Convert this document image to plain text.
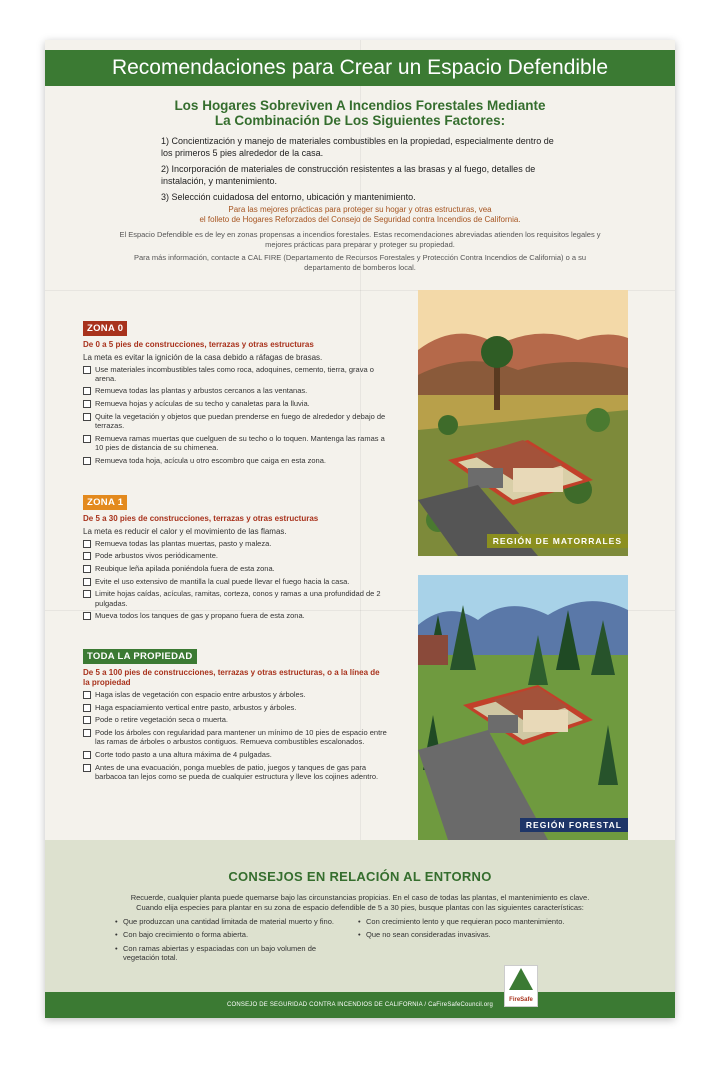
Recomendaciones para Crear un Espacio Defendible
Los Hogares Sobreviven A Incendios Forestales Mediante
La Combinación De Los Siguientes Factores:
1) Concientización y manejo de materiales combustibles en la propiedad, especialmente dentro de los primeros 5 pies alrededor de la casa.
2) Incorporación de materiales de construcción resistentes a las brasas y al fuego, detalles de instalación, y mantenimiento.
3) Selección cuidadosa del entorno, ubicación y mantenimiento.
Para las mejores prácticas para proteger su hogar y otras estructuras, vea
el folleto de Hogares Reforzados del Consejo de Seguridad contra Incendios de California.

El Espacio Defendible es de ley en zonas propensas a incendios forestales. Estas recomendaciones abreviadas atienden los requisitos legales y mejores prácticas para preparar y proteger su propiedad.

Para más información, contacte a CAL FIRE (Departamento de Recursos Forestales y Protección Contra Incendios de California) o a su departamento de bomberos local.

ZONA 0
De 0 a 5 pies de construcciones, terrazas y otras estructuras
La meta es evitar la ignición de la casa debido a ráfagas de brasas.
Use materiales incombustibles tales como roca, adoquines, cemento, tierra, grava o arena.
Remueva todas las plantas y arbustos cercanos a las ventanas.
Remueva hojas y acículas de su techo y canaletas para la lluvia.
Quite la vegetación y objetos que puedan prenderse en fuego de alrededor y debajo de terrazas.
Remueva ramas muertas que cuelguen de su techo o lo toquen. Mantenga las ramas a 10 pies de distancia de su chimenea.
Remueva toda hoja, acícula u otro escombro que caiga en esta zona.
ZONA 1
De 5 a 30 pies de construcciones, terrazas y otras estructuras
La meta es reducir el calor y el movimiento de las flamas.
Remueva todas las plantas muertas, pasto y maleza.
Pode arbustos vivos periódicamente.
Reubique leña apilada poniéndola fuera de esta zona.
Evite el uso extensivo de mantilla la cual puede llevar el fuego hacia la casa.
Limite hojas caídas, acículas, ramitas, corteza, conos y ramas a una profundidad de 2 pulgadas.
Mueva todos los tanques de gas y propano fuera de esta zona.
TODA LA PROPIEDAD
De 5 a 100 pies de construcciones, terrazas y otras estructuras, o a la línea de la propiedad
Haga islas de vegetación con espacio entre arbustos y árboles.
Haga espaciamiento vertical entre pasto, arbustos y árboles.
Pode o retire vegetación seca o muerta.
Pode los árboles con regularidad para mantener un mínimo de 10 pies de espacio entre las ramas de árboles o arbustos contiguos. Remueva combustibles escalonados.
Corte todo pasto a una altura máxima de 4 pulgadas.
Antes de una evacuación, ponga muebles de patio, juegos y tanques de gas para barbacoa tan lejos como se pueda de cualquier estructura y lleve los cojines adentro.
REGIÓN DE MATORRALES
REGIÓN FORESTAL
CONSEJOS EN RELACIÓN AL ENTORNO
Recuerde, cualquier planta puede quemarse bajo las circunstancias propicias. En el caso de todas las plantas, el mantenimiento es clave.
Cuando elija especies para plantar en su zona de espacio defendible de 5 a 30 pies, busque plantas con las siguientes características:
• Que produzcan una cantidad limitada de material muerto y fino.
• Con bajo crecimiento o forma abierta.
• Con ramas abiertas y espaciadas con un bajo volumen de vegetación total.
• Con crecimiento lento y que requieran poco mantenimiento.
• Que no sean consideradas invasivas.
CONSEJO DE SEGURIDAD CONTRA INCENDIOS DE CALIFORNIA / CaFireSafeCouncil.org
FireSafe
